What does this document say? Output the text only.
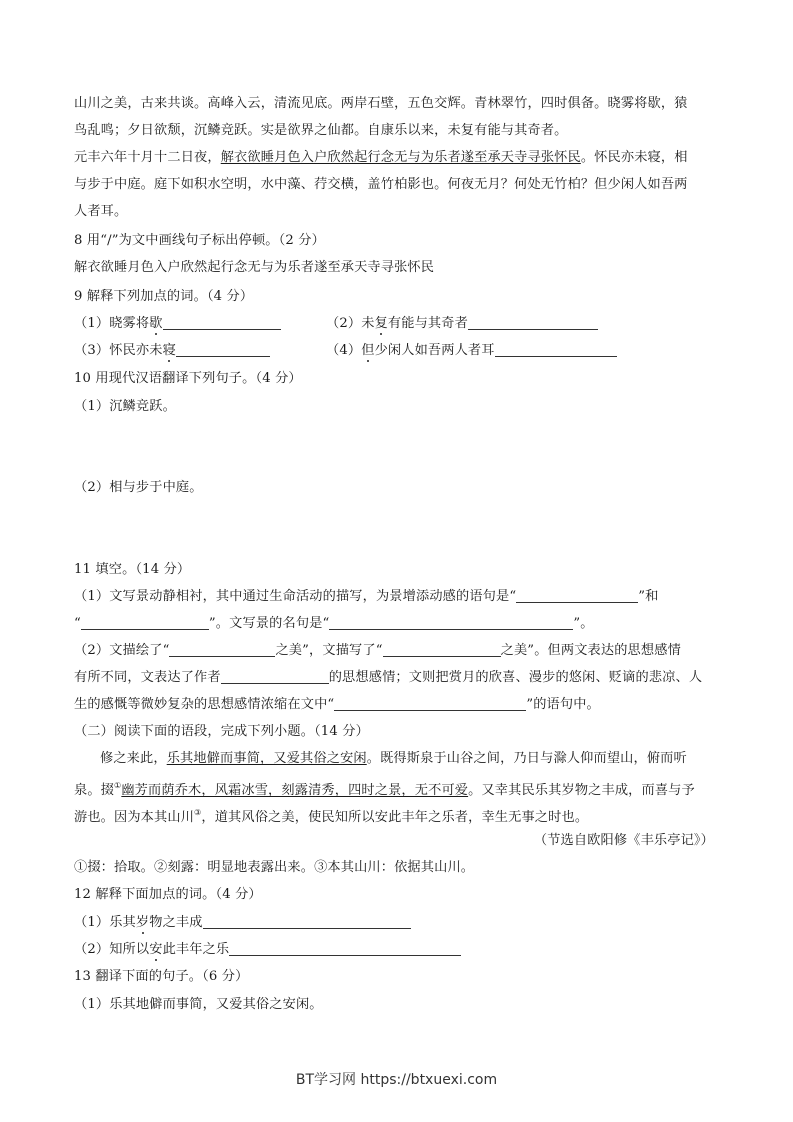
山川之美，古来共谈。高峰入云，清流见底。两岸石壁，五色交辉。青林翠竹，四时俱备。晓雾将歇，猿
鸟乱鸣；夕日欲颓，沉鳞竞跃。实是欲界之仙都。自康乐以来，未复有能与其奇者。
元丰六年十月十二日夜，解衣欲睡月色入户欣然起行念无与为乐者遂至承天寺寻张怀民。怀民亦未寝，相
与步于中庭。庭下如积水空明，水中藻、荇交横，盖竹柏影也。何夜无月？何处无竹柏？但少闲人如吾两
人者耳。
8 用“/”为文中画线句子标出停顿。（2 分）
解衣欲睡月色入户欣然起行念无与为乐者遂至承天寺寻张怀民
9 解释下列加点的词。（4 分）
（1）晓雾将歇	（2）未复有能与其奇者
（3）怀民亦未寝	（4）但少闲人如吾两人者耳
10 用现代汉语翻译下列句子。（4 分）
（1）沉鳞竞跃。
（2）相与步于中庭。
11 填空。（14 分）
（1）文写景动静相衬，其中通过生命活动的描写，为景增添动感的语句是“	”和
“	”。文写景的名句是“	”。
（2）文描绘了“	之美”，文描写了“	之美”。但两文表达的思想感情
有所不同，文表达了作者	的思想感情；文则把赏月的欣喜、漫步的悠闲、贬谪的悲凉、人
生的感慨等微妙复杂的思想感情浓缩在文中“	”的语句中。
（二）阅读下面的语段，完成下列小题。（14 分）
修之来此，乐其地僻而事简，又爱其俗之安闲。既得斯泉于山谷之间，乃日与滁人仰而望山，俯而听
泉。掇①幽芳而荫乔木，风霜冰雪，刻露清秀，四时之景，无不可爱。又幸其民乐其岁物之丰成，而喜与予
游也。因为本其山川③，道其风俗之美，使民知所以安此丰年之乐者，幸生无事之时也。
（节选自欧阳修《丰乐亭记》）
①掇：拾取。②刻露：明显地表露出来。③本其山川：依据其山川。
12 解释下面加点的词。（4 分）
（1）乐其岁物之丰成
（2）知所以安此丰年之乐
13 翻译下面的句子。（6 分）
（1）乐其地僻而事简，又爱其俗之安闲。
BT学习网 https://btxuexi.com
